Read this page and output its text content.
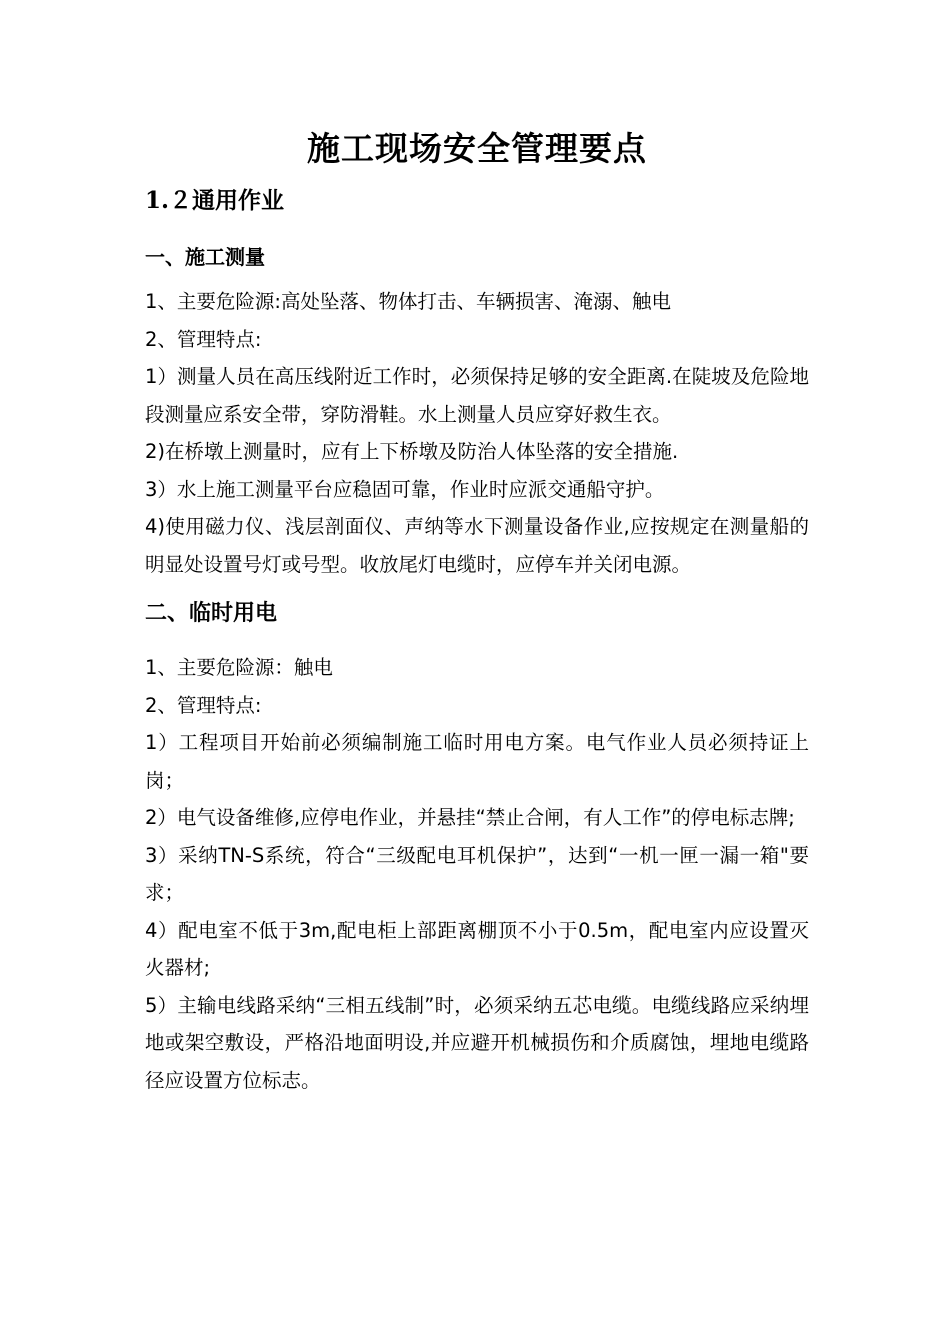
施工现场安全管理要点
1.２通用作业
一、施工测量

1、主要危险源:高处坠落、物体打击、车辆损害、淹溺、触电

2、管理特点:

1）测量人员在高压线附近工作时，必须保持足够的安全距离.在陡坡及危险地段测量应系安全带，穿防滑鞋。水上测量人员应穿好救生衣。

2)在桥墩上测量时，应有上下桥墩及防治人体坠落的安全措施.

3）水上施工测量平台应稳固可靠，作业时应派交通船守护。

4)使用磁力仪、浅层剖面仪、声纳等水下测量设备作业,应按规定在测量船的明显处设置号灯或号型。收放尾灯电缆时，应停车并关闭电源。

二、临时用电

1、主要危险源：触电

2、管理特点:

1）工程项目开始前必须编制施工临时用电方案。电气作业人员必须持证上岗；

2）电气设备维修,应停电作业，并悬挂“禁止合闸，有人工作”的停电标志牌;

3）采纳TN-S系统，符合“三级配电耳机保护”，达到“一机一匣一漏一箱"要求；

4）配电室不低于3m,配电柜上部距离棚顶不小于0.5m，配电室内应设置灭火器材;

5）主输电线路采纳“三相五线制”时，必须采纳五芯电缆。电缆线路应采纳埋地或架空敷设，严格沿地面明设,并应避开机械损伤和介质腐蚀，埋地电缆路径应设置方位标志。
